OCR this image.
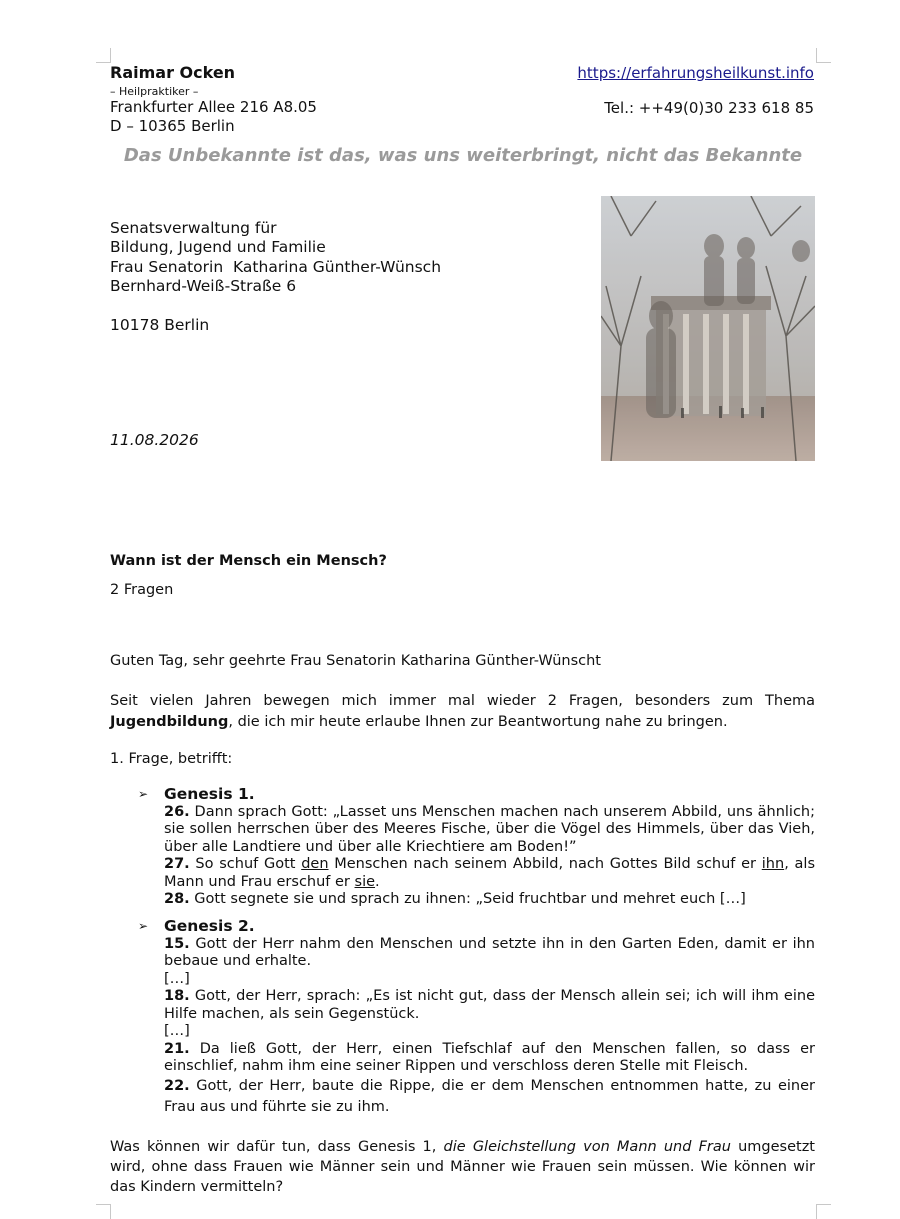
Raimar Ocken
– Heilpraktiker –
Frankfurter Allee 216 A8.05
D – 10365 Berlin
https://erfahrungsheilkunst.info
Tel.: ++49(0)30 233 618 85
Das Unbekannte ist das, was uns weiterbringt, nicht das Bekannte
Senatsverwaltung für
Bildung, Jugend und Familie
Frau Senatorin  Katharina Günther-Wünsch
Bernhard-Weiß-Straße 6
10178 Berlin
11.08.2026
Wann ist der Mensch ein Mensch?
2 Fragen
Guten Tag, sehr geehrte Frau Senatorin Katharina Günther-Wünscht
Seit vielen Jahren bewegen mich immer mal wieder 2 Fragen, besonders zum Thema Jugendbildung, die ich mir heute erlaube Ihnen zur Beantwortung nahe zu bringen.
1. Frage, betrifft:
➢ Genesis 1.
26. Dann sprach Gott: „Lasset uns Menschen machen nach unserem Abbild, uns ähnlich; sie sollen herrschen über des Meeres Fische, über die Vögel des Himmels, über das Vieh, über alle Landtiere und über alle Kriechtiere am Boden!”
27. So schuf Gott den Menschen nach seinem Abbild, nach Gottes Bild schuf er ihn, als Mann und Frau erschuf er sie.
28. Gott segnete sie und sprach zu ihnen: „Seid fruchtbar und mehret euch […]
➢ Genesis 2.
15. Gott der Herr nahm den Menschen und setzte ihn in den Garten Eden, damit er ihn bebaue und erhalte.
[…]
18. Gott, der Herr, sprach: „Es ist nicht gut, dass der Mensch allein sei; ich will ihm eine Hilfe machen, als sein Gegenstück.
[…]
21. Da ließ Gott, der Herr, einen Tiefschlaf auf den Menschen fallen, so dass er einschlief, nahm ihm eine seiner Rippen und verschloss deren Stelle mit Fleisch.
22. Gott, der Herr, baute die Rippe, die er dem Menschen entnommen hatte, zu einer Frau aus und führte sie zu ihm.
Was können wir dafür tun, dass Genesis 1, die Gleichstellung von Mann und Frau umgesetzt wird, ohne dass Frauen wie Männer sein und Männer wie Frauen sein müssen. Wie können wir das Kindern vermitteln?
